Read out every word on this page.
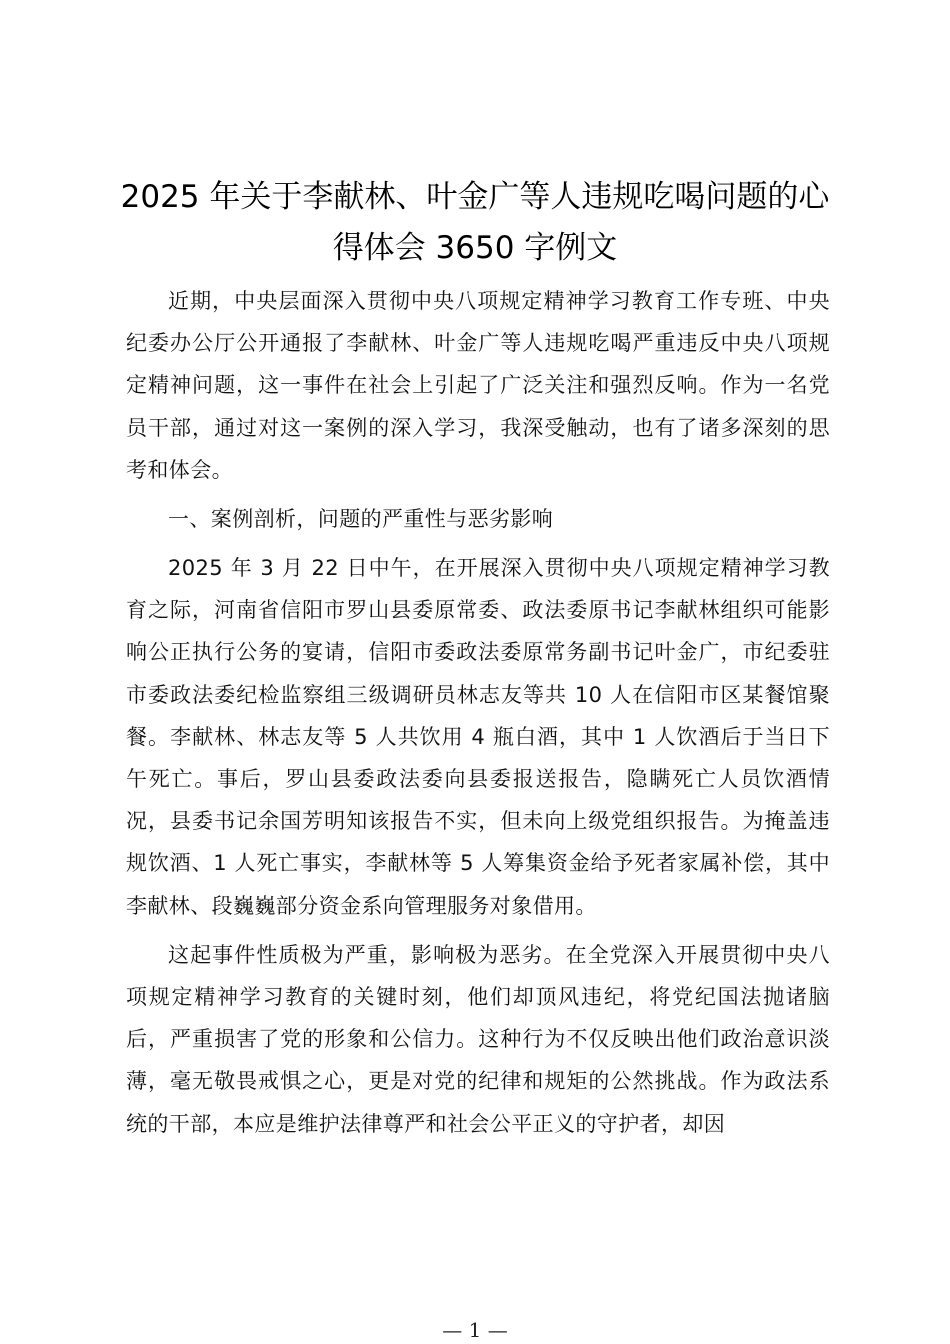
2025 年关于李献林、叶金广等人违规吃喝问题的心得体会 3650 字例文

近期，中央层面深入贯彻中央八项规定精神学习教育工作专班、中央纪委办公厅公开通报了李献林、叶金广等人违规吃喝严重违反中央八项规定精神问题，这一事件在社会上引起了广泛关注和强烈反响。作为一名党员干部，通过对这一案例的深入学习，我深受触动，也有了诸多深刻的思考和体会。

一、案例剖析，问题的严重性与恶劣影响

2025 年 3 月 22 日中午，在开展深入贯彻中央八项规定精神学习教育之际，河南省信阳市罗山县委原常委、政法委原书记李献林组织可能影响公正执行公务的宴请，信阳市委政法委原常务副书记叶金广，市纪委驻市委政法委纪检监察组三级调研员林志友等共 10 人在信阳市区某餐馆聚餐。李献林、林志友等 5 人共饮用 4 瓶白酒，其中 1 人饮酒后于当日下午死亡。事后，罗山县委政法委向县委报送报告，隐瞒死亡人员饮酒情况，县委书记余国芳明知该报告不实，但未向上级党组织报告。为掩盖违规饮酒、1 人死亡事实，李献林等 5 人筹集资金给予死者家属补偿，其中李献林、段巍巍部分资金系向管理服务对象借用。

这起事件性质极为严重，影响极为恶劣。在全党深入开展贯彻中央八项规定精神学习教育的关键时刻，他们却顶风违纪，将党纪国法抛诸脑后，严重损害了党的形象和公信力。这种行为不仅反映出他们政治意识淡薄，毫无敬畏戒惧之心，更是对党的纪律和规矩的公然挑战。作为政法系统的干部，本应是维护法律尊严和社会公平正义的守护者，却因

— 1 —
